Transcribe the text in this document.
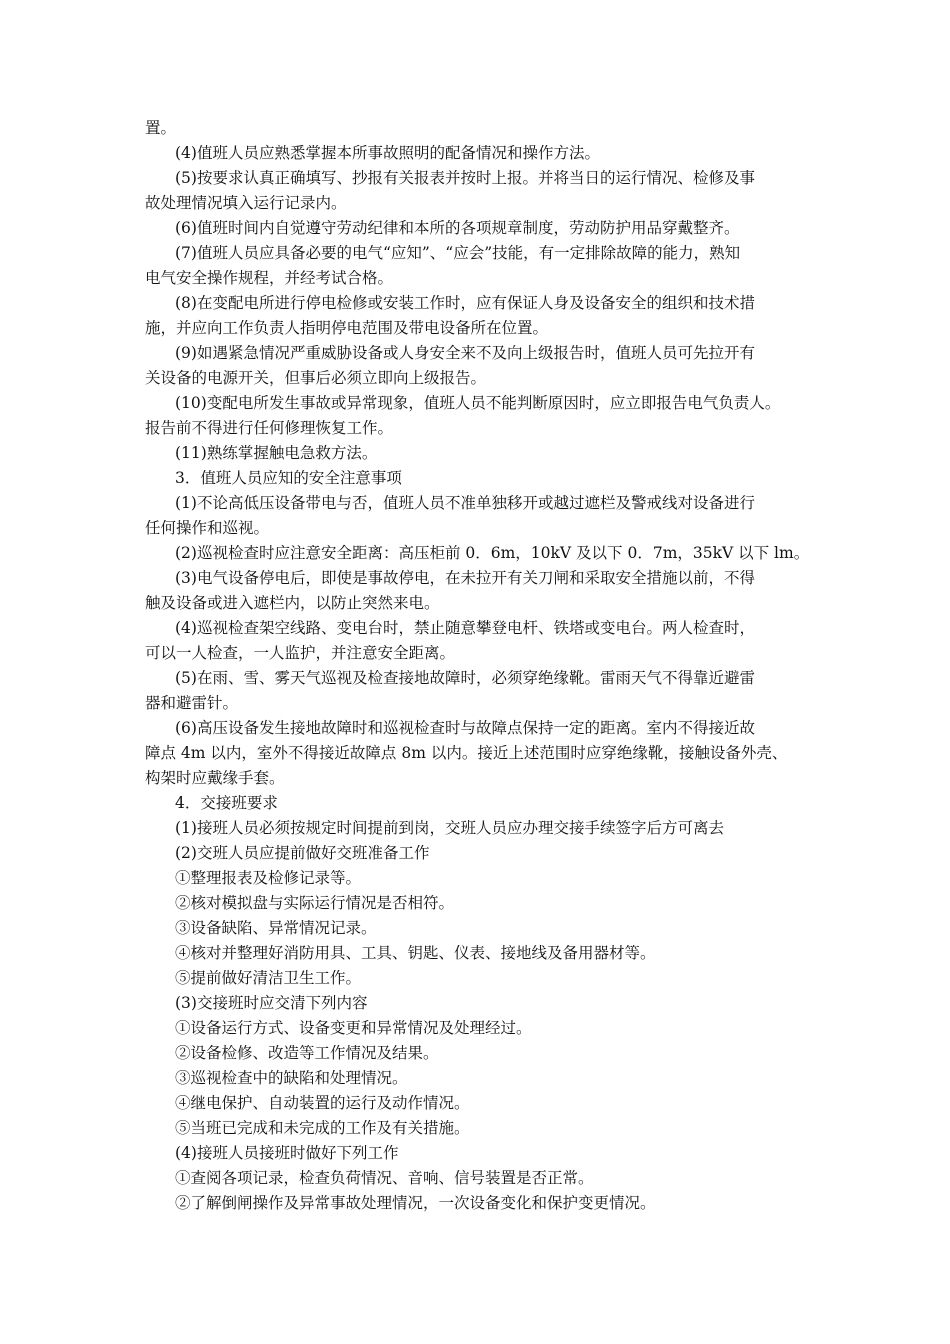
置。
(4)值班人员应熟悉掌握本所事故照明的配备情况和操作方法。
(5)按要求认真正确填写、抄报有关报表并按时上报。并将当日的运行情况、检修及事
故处理情况填入运行记录内。
(6)值班时间内自觉遵守劳动纪律和本所的各项规章制度，劳动防护用品穿戴整齐。
(7)值班人员应具备必要的电气“应知”、“应会”技能，有一定排除故障的能力，熟知
电气安全操作规程，并经考试合格。
(8)在变配电所进行停电检修或安装工作时，应有保证人身及设备安全的组织和技术措
施，并应向工作负责人指明停电范围及带电设备所在位置。
(9)如遇紧急情况严重威胁设备或人身安全来不及向上级报告时，值班人员可先拉开有
关设备的电源开关，但事后必须立即向上级报告。
(10)变配电所发生事故或异常现象，值班人员不能判断原因时，应立即报告电气负责人。
报告前不得进行任何修理恢复工作。
(11)熟练掌握触电急救方法。
3．值班人员应知的安全注意事项
(1)不论高低压设备带电与否，值班人员不准单独移开或越过遮栏及警戒线对设备进行
任何操作和巡视。
(2)巡视检查时应注意安全距离：高压柜前 0．6m，10kV 及以下 0．7m，35kV 以下 lm。
(3)电气设备停电后，即使是事故停电，在未拉开有关刀闸和采取安全措施以前，不得
触及设备或进入遮栏内，以防止突然来电。
(4)巡视检查架空线路、变电台时，禁止随意攀登电杆、铁塔或变电台。两人检查时，
可以一人检查，一人监护，并注意安全距离。
(5)在雨、雪、雾天气巡视及检查接地故障时，必须穿绝缘靴。雷雨天气不得靠近避雷
器和避雷针。
(6)高压设备发生接地故障时和巡视检查时与故障点保持一定的距离。室内不得接近故
障点 4m 以内，室外不得接近故障点 8m 以内。接近上述范围时应穿绝缘靴，接触设备外壳、
构架时应戴缘手套。
4．交接班要求
(1)接班人员必须按规定时间提前到岗，交班人员应办理交接手续签字后方可离去
(2)交班人员应提前做好交班准备工作
①整理报表及检修记录等。
②核对模拟盘与实际运行情况是否相符。
③设备缺陷、异常情况记录。
④核对并整理好消防用具、工具、钥匙、仪表、接地线及备用器材等。
⑤提前做好清洁卫生工作。
(3)交接班时应交清下列内容
①设备运行方式、设备变更和异常情况及处理经过。
②设备检修、改造等工作情况及结果。
③巡视检查中的缺陷和处理情况。
④继电保护、自动装置的运行及动作情况。
⑤当班已完成和未完成的工作及有关措施。
(4)接班人员接班时做好下列工作
①查阅各项记录，检查负荷情况、音响、信号装置是否正常。
②了解倒闸操作及异常事故处理情况，一次设备变化和保护变更情况。
